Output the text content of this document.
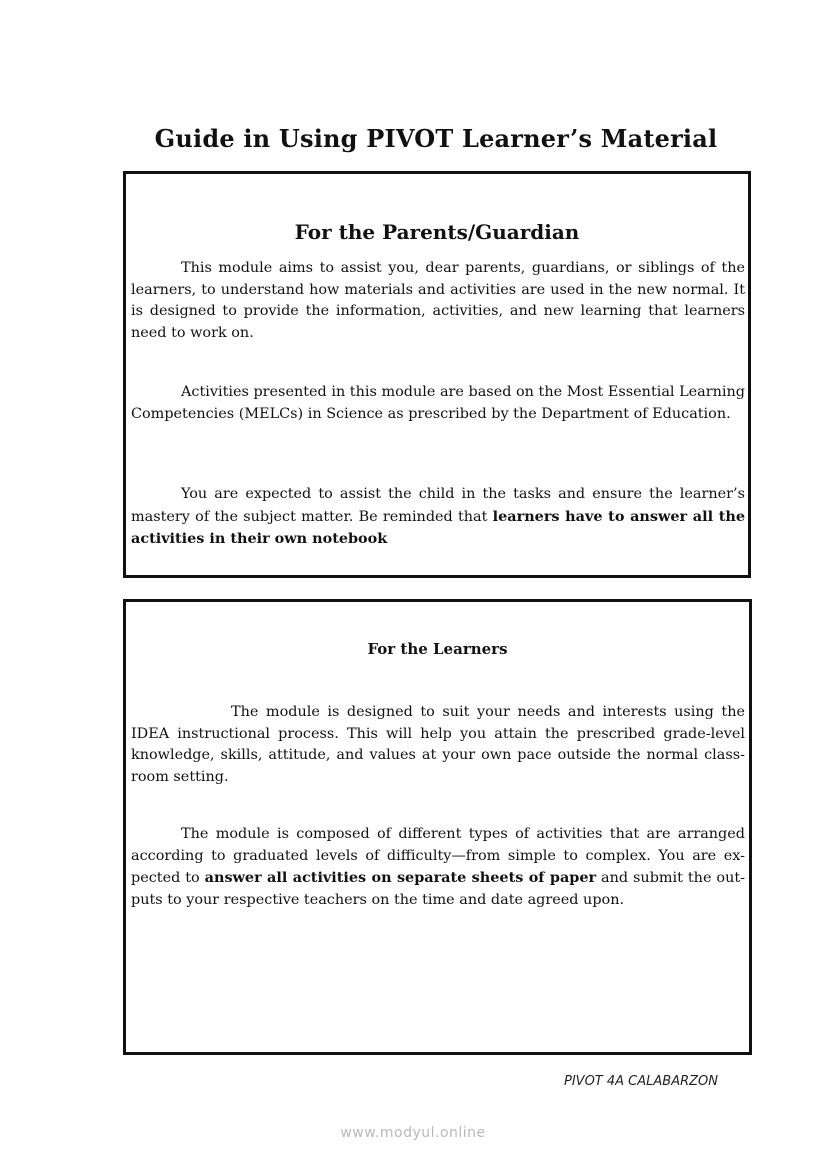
Guide in Using PIVOT Learner’s Material
For the Parents/Guardian

This module aims to assist you, dear parents, guardians, or siblings of the learners, to understand how materials and activities are used in the new normal. It is designed to provide the information, activities, and new learning that learners need to work on.

Activities presented in this module are based on the Most Essential Learning Competencies (MELCs) in Science as prescribed by the Department of Education.

You are expected to assist the child in the tasks and ensure the learner’s mastery of the subject matter. Be reminded that learners have to answer all the activities in their own notebook

For the Learners

The module is designed to suit your needs and interests using the IDEA instructional process. This will help you attain the prescribed grade-level knowledge, skills, attitude, and values at your own pace outside the normal class-room setting.

The module is composed of different types of activities that are arranged according to graduated levels of difficulty—from simple to complex. You are ex-pected to answer all activities on separate sheets of paper and submit the out-puts to your respective teachers on the time and date agreed upon.

PIVOT 4A CALABARZON
www.modyul.online
